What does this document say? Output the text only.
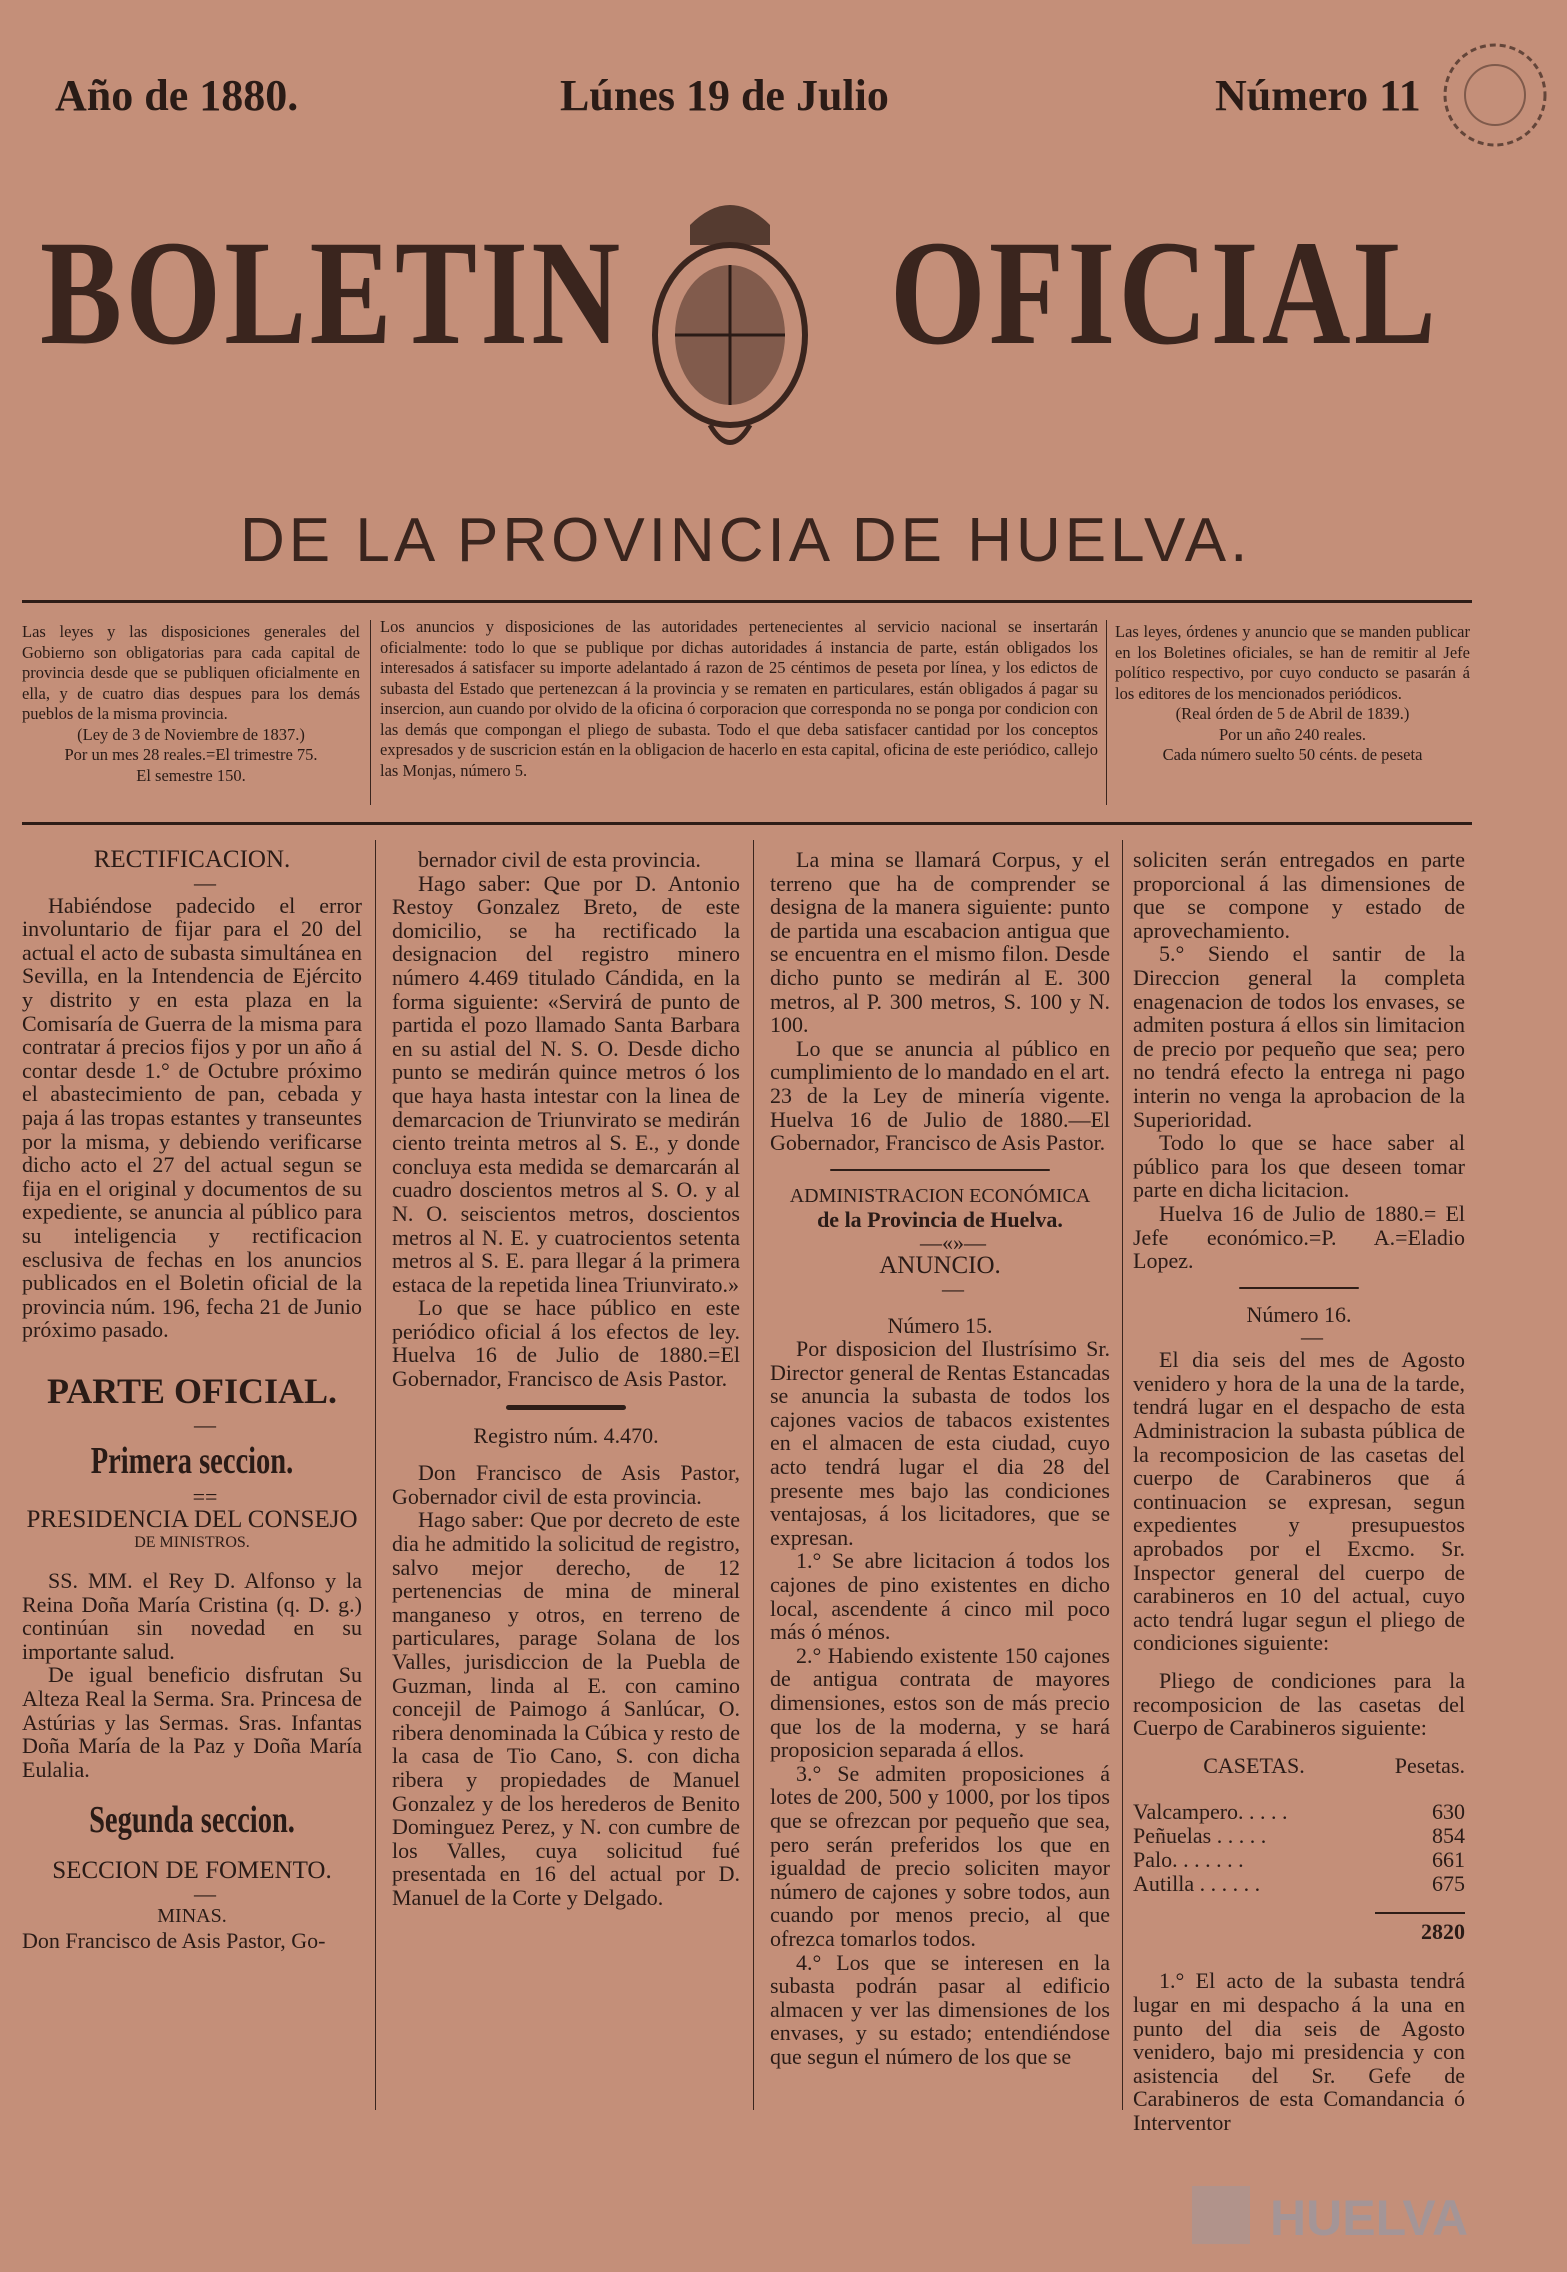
Año de 1880.	Lúnes 19 de Julio	Número 11
BOLETIN OFICIAL
DE LA PROVINCIA DE HUELVA.

Las leyes y las disposiciones generales del Gobierno son obligatorias para cada capital de provincia desde que se publiquen oficialmente en ella, y de cuatro dias despues para los demás pueblos de la misma provincia.

(Ley de 3 de Noviembre de 1837.)

Por un mes 28 reales.=El trimestre 75.

El semestre 150.

Los anuncios y disposiciones de las autoridades pertenecientes al servicio nacional se insertarán oficialmente: todo lo que se publique por dichas autoridades á instancia de parte, están obligados los interesados á satisfacer su importe adelantado á razon de 25 céntimos de peseta por línea, y los edictos de subasta del Estado que pertenezcan á la provincia y se rematen en particulares, están obligados á pagar su insercion, aun cuando por olvido de la oficina ó corporacion que corresponda no se ponga por condicion con las demás que compongan el pliego de subasta. Todo el que deba satisfacer cantidad por los conceptos expresados y de suscricion están en la obligacion de hacerlo en esta capital, oficina de este periódico, callejo las Monjas, número 5.

Las leyes, órdenes y anuncio que se manden publicar en los Boletines oficiales, se han de remitir al Jefe político respectivo, por cuyo conducto se pasarán á los editores de los mencionados periódicos.

(Real órden de 5 de Abril de 1839.)

Por un año 240 reales.

Cada número suelto 50 cénts. de peseta

RECTIFICACION.

—

Habiéndose padecido el error involuntario de fijar para el 20 del actual el acto de subasta simultánea en Sevilla, en la Intendencia de Ejército y distrito y en esta plaza en la Comisaría de Guerra de la misma para contratar á precios fijos y por un año á contar desde 1.° de Octubre próximo el abastecimiento de pan, cebada y paja á las tropas estantes y transeuntes por la misma, y debiendo verificarse dicho acto el 27 del actual segun se fija en el original y documentos de su expediente, se anuncia al público para su inteligencia y rectificacion esclusiva de fechas en los anuncios publicados en el Boletin oficial de la provincia núm. 196, fecha 21 de Junio próximo pasado.

PARTE OFICIAL.

—

Primera seccion.

==

PRESIDENCIA DEL CONSEJO

DE MINISTROS.

SS. MM. el Rey D. Alfonso y la Reina Doña María Cristina (q. D. g.) continúan sin novedad en su importante salud.

De igual beneficio disfrutan Su Alteza Real la Serma. Sra. Princesa de Astúrias y las Sermas. Sras. Infantas Doña María de la Paz y Doña María Eulalia.

Segunda seccion.

SECCION DE FOMENTO.

—

MINAS.

Don Francisco de Asis Pastor, Go-

bernador civil de esta provincia.

Hago saber: Que por D. Antonio Restoy Gonzalez Breto, de este domicilio, se ha rectificado la designacion del registro minero número 4.469 titulado Cándida, en la forma siguiente: «Servirá de punto de partida el pozo llamado Santa Barbara en su astial del N. S. O. Desde dicho punto se medirán quince metros ó los que haya hasta intestar con la linea de demarcacion de Triunvirato se medirán ciento treinta metros al S. E., y donde concluya esta medida se demarcarán al cuadro doscientos metros al S. O. y al N. O. seiscientos metros, doscientos metros al N. E. y cuatrocientos setenta metros al S. E. para llegar á la primera estaca de la repetida linea Triunvirato.»

Lo que se hace público en este periódico oficial á los efectos de ley. Huelva 16 de Julio de 1880.=El Gobernador, Francisco de Asis Pastor.

Registro núm. 4.470.

Don Francisco de Asis Pastor, Gobernador civil de esta provincia.

Hago saber: Que por decreto de este dia he admitido la solicitud de registro, salvo mejor derecho, de 12 pertenencias de mina de mineral manganeso y otros, en terreno de particulares, parage Solana de los Valles, jurisdiccion de la Puebla de Guzman, linda al E. con camino concejil de Paimogo á Sanlúcar, O. ribera denominada la Cúbica y resto de la casa de Tio Cano, S. con dicha ribera y propiedades de Manuel Gonzalez y de los herederos de Benito Dominguez Perez, y N. con cumbre de los Valles, cuya solicitud fué presentada en 16 del actual por D. Manuel de la Corte y Delgado.

La mina se llamará Corpus, y el terreno que ha de comprender se designa de la manera siguiente: punto de partida una escabacion antigua que se encuentra en el mismo filon. Desde dicho punto se medirán al E. 300 metros, al P. 300 metros, S. 100 y N. 100.

Lo que se anuncia al público en cumplimiento de lo mandado en el art. 23 de la Ley de minería vigente. Huelva 16 de Julio de 1880.—El Gobernador, Francisco de Asis Pastor.

ADMINISTRACION ECONÓMICA

de la Provincia de Huelva.

—«»—

ANUNCIO.

—

Número 15.

Por disposicion del Ilustrísimo Sr. Director general de Rentas Estancadas se anuncia la subasta de todos los cajones vacios de tabacos existentes en el almacen de esta ciudad, cuyo acto tendrá lugar el dia 28 del presente mes bajo las condiciones ventajosas, á los licitadores, que se expresan.

1.° Se abre licitacion á todos los cajones de pino existentes en dicho local, ascendente á cinco mil poco más ó ménos.

2.° Habiendo existente 150 cajones de antigua contrata de mayores dimensiones, estos son de más precio que los de la moderna, y se hará proposicion separada á ellos.

3.° Se admiten proposiciones á lotes de 200, 500 y 1000, por los tipos que se ofrezcan por pequeño que sea, pero serán preferidos los que en igualdad de precio soliciten mayor número de cajones y sobre todos, aun cuando por menos precio, al que ofrezca tomarlos todos.

4.° Los que se interesen en la subasta podrán pasar al edificio almacen y ver las dimensiones de los envases, y su estado; entendiéndose que segun el número de los que se

soliciten serán entregados en parte proporcional á las dimensiones de que se compone y estado de aprovechamiento.

5.° Siendo el santir de la Direccion general la completa enagenacion de todos los envases, se admiten postura á ellos sin limitacion de precio por pequeño que sea; pero no tendrá efecto la entrega ni pago interin no venga la aprobacion de la Superioridad.

Todo lo que se hace saber al público para los que deseen tomar parte en dicha licitacion.

Huelva 16 de Julio de 1880.= El Jefe económico.=P. A.=Eladio Lopez.

Número 16.

—

El dia seis del mes de Agosto venidero y hora de la una de la tarde, tendrá lugar en el despacho de esta Administracion la subasta pública de la recomposicion de las casetas del cuerpo de Carabineros que á continuacion se expresan, segun expedientes y presupuestos aprobados por el Excmo. Sr. Inspector general del cuerpo de carabineros en 10 del actual, cuyo acto tendrá lugar segun el pliego de condiciones siguiente:

Pliego de condiciones para la recomposicion de las casetas del Cuerpo de Carabineros siguiente:

CASETAS.	Pesetas.

Valcampero. . . . .	630
Peñuelas . . . . .	854
Palo. . . . . . .	661
Autilla . . . . . .	675
2820

1.° El acto de la subasta tendrá lugar en mi despacho á la una en punto del dia seis de Agosto venidero, bajo mi presidencia y con asistencia del Sr. Gefe de Carabineros de esta Comandancia ó Interventor

HUELVA
